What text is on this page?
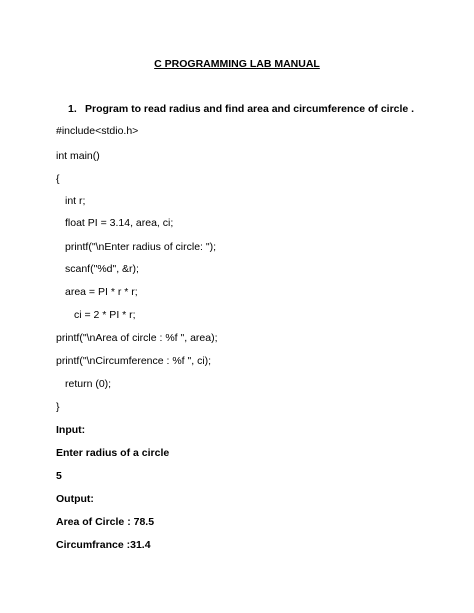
C PROGRAMMING LAB MANUAL
1. Program to read radius and find area and circumference of circle .
#include<stdio.h>
int main()
{
int r;
float PI = 3.14, area, ci;
printf("\nEnter radius of circle: ");
scanf("%d", &r);
area = PI * r * r;
ci = 2 * PI * r;
printf("\nArea of circle : %f ", area);
printf("\nCircumference : %f ", ci);
return (0);
}
Input:
Enter radius of a circle
5
Output:
Area of Circle : 78.5
Circumfrance :31.4
